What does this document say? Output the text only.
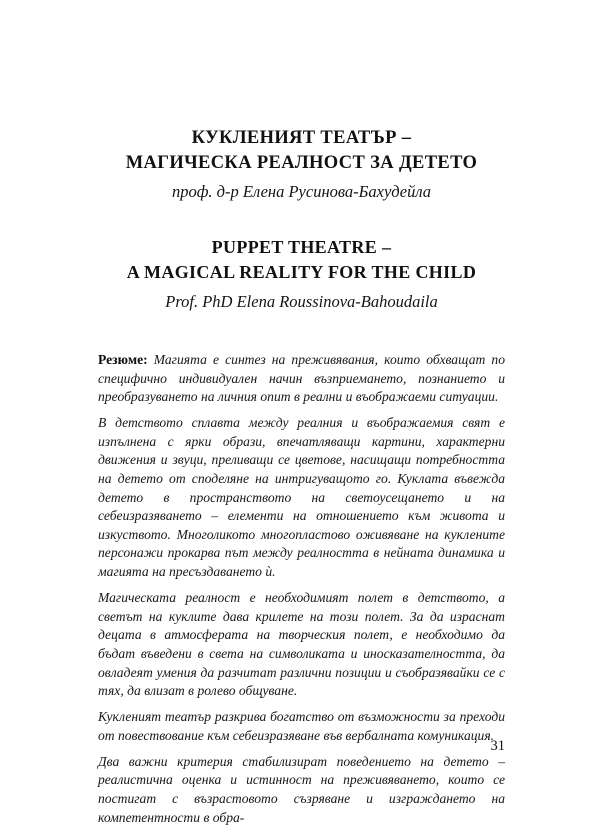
КУКЛЕНИЯТ ТЕАТЪР –
МАГИЧЕСКА РЕАЛНОСТ ЗА ДЕТЕТО
проф. д-р Елена Русинова-Бахудейла
PUPPET THEATRE –
A MAGICAL REALITY FOR THE CHILD
Prof. PhD Elena Roussinova-Bahoudaila

Резюме: Магията е синтез на преживявания, които обхващат по специфично индивидуален начин възприемането, познанието и преобразуването на личния опит в реални и въображаеми ситуации.

В детството сплавта между реалния и въображаемия свят е изпълнена с ярки образи, впечатляващи картини, характерни движения и звуци, преливащи се цветове, насищащи потребността на детето от споделяне на интригуващото го. Куклата въвежда детето в пространството на светоусещането и на себеизразяването – елементи на отношението към живота и изкуството. Многоликото многопластово оживяване на кукленитe персонажи прокарва път между реалността в нейната динамика и магията на пресъздаването ѝ.

Магическата реалност е необходимият полет в детството, а светът на куклите дава крилете на този полет. За да израснат децата в атмосферата на творческия полет, е необходимо да бъдат въведени в света на символиката и иносказателността, да овладеят умения да разчитат различни позиции и съобразявайки се с тях, да влизат в ролево общуване.

Кукленият театър разкрива богатство от възможности за преходи от повествование към себеизразяване във вербалната комуникация.

Два важни критерия стабилизират поведението на детето – реалистична оценка и истинност на преживяването, които се постигат с възрастовото съзряване и изграждането на компетентности в обра-

31
